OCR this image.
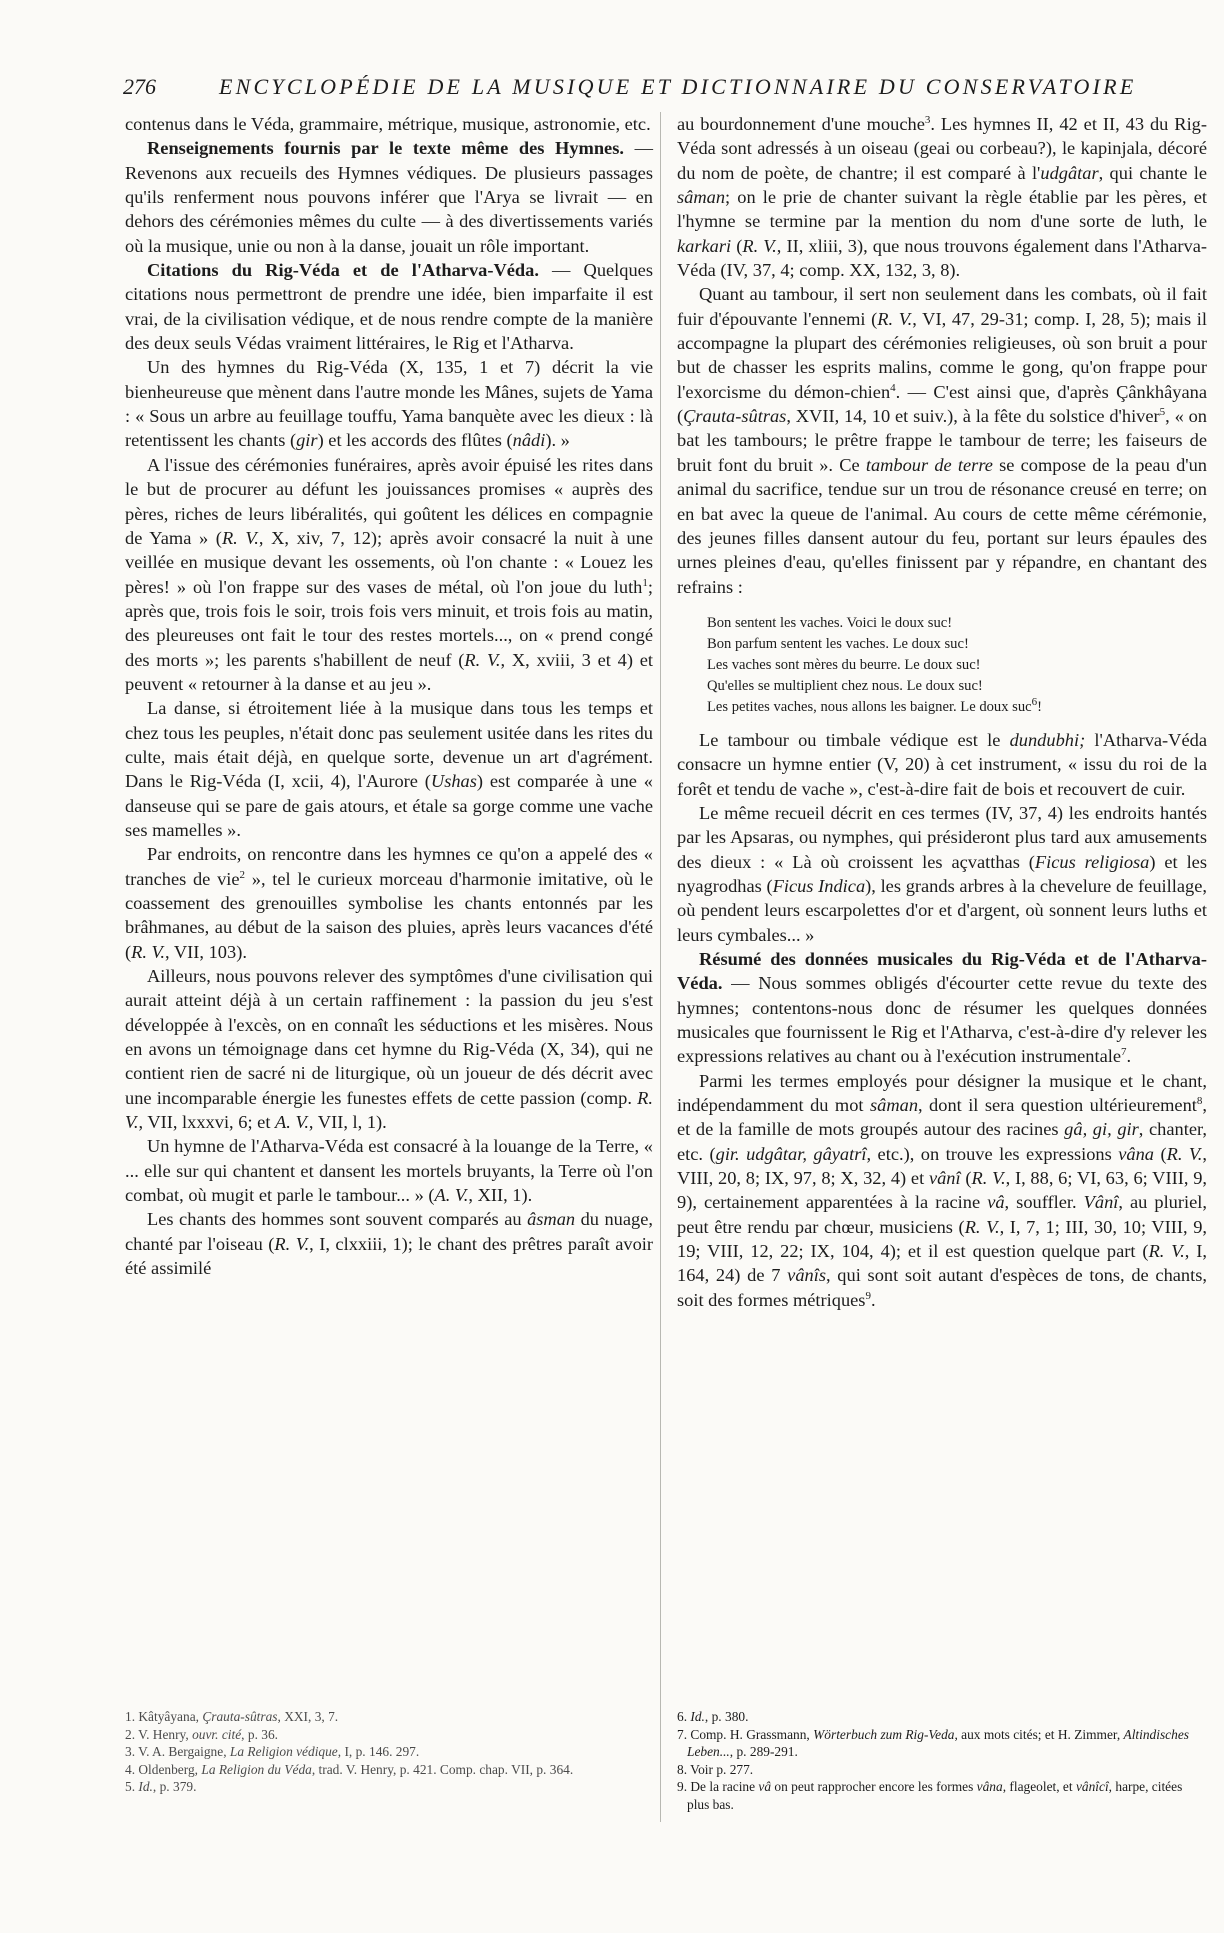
276	ENCYCLOPÉDIE DE LA MUSIQUE ET DICTIONNAIRE DU CONSERVATOIRE

contenus dans le Véda, grammaire, métrique, musique, astronomie, etc.

Renseignements fournis par le texte même des Hymnes. — Revenons aux recueils des Hymnes védiques. De plusieurs passages qu'ils renferment nous pouvons inférer que l'Arya se livrait — en dehors des cérémonies mêmes du culte — à des divertissements variés où la musique, unie ou non à la danse, jouait un rôle important.

Citations du Rig-Véda et de l'Atharva-Véda. — Quelques citations nous permettront de prendre une idée, bien imparfaite il est vrai, de la civilisation védique, et de nous rendre compte de la manière des deux seuls Védas vraiment littéraires, le Rig et l'Atharva.

Un des hymnes du Rig-Véda (X, 135, 1 et 7) décrit la vie bienheureuse que mènent dans l'autre monde les Mânes, sujets de Yama : « Sous un arbre au feuillage touffu, Yama banquète avec les dieux : là retentissent les chants (gir) et les accords des flûtes (nâdi). »

A l'issue des cérémonies funéraires, après avoir épuisé les rites dans le but de procurer au défunt les jouissances promises « auprès des pères, riches de leurs libéralités, qui goûtent les délices en compagnie de Yama » (R. V., X, xiv, 7, 12); après avoir consacré la nuit à une veillée en musique devant les ossements, où l'on chante : « Louez les pères! » où l'on frappe sur des vases de métal, où l'on joue du luth$^1$; après que, trois fois le soir, trois fois vers minuit, et trois fois au matin, des pleureuses ont fait le tour des restes mortels..., on « prend congé des morts »; les parents s'habillent de neuf (R. V., X, xviii, 3 et 4) et peuvent « retourner à la danse et au jeu ».

La danse, si étroitement liée à la musique dans tous les temps et chez tous les peuples, n'était donc pas seulement usitée dans les rites du culte, mais était déjà, en quelque sorte, devenue un art d'agrément. Dans le Rig-Véda (I, xcii, 4), l'Aurore (Ushas) est comparée à une « danseuse qui se pare de gais atours, et étale sa gorge comme une vache ses mamelles ».

Par endroits, on rencontre dans les hymnes ce qu'on a appelé des « tranches de vie$^2$ », tel le curieux morceau d'harmonie imitative, où le coassement des grenouilles symbolise les chants entonnés par les brâhmanes, au début de la saison des pluies, après leurs vacances d'été (R. V., VII, 103).

Ailleurs, nous pouvons relever des symptômes d'une civilisation qui aurait atteint déjà à un certain raffinement : la passion du jeu s'est développée à l'excès, on en connaît les séductions et les misères. Nous en avons un témoignage dans cet hymne du Rig-Véda (X, 34), qui ne contient rien de sacré ni de liturgique, où un joueur de dés décrit avec une incomparable énergie les funestes effets de cette passion (comp. R. V., VII, lxxxvi, 6; et A. V., VII, l, 1).

Un hymne de l'Atharva-Véda est consacré à la louange de la Terre, « ... elle sur qui chantent et dansent les mortels bruyants, la Terre où l'on combat, où mugit et parle le tambour... » (A. V., XII, 1).

Les chants des hommes sont souvent comparés au âsman du nuage, chanté par l'oiseau (R. V., I, clxxiii, 1); le chant des prêtres paraît avoir été assimilé

au bourdonnement d'une mouche$^3$. Les hymnes II, 42 et II, 43 du Rig-Véda sont adressés à un oiseau (geai ou corbeau?), le kapinjala, décoré du nom de poète, de chantre; il est comparé à l'udgâtar, qui chante le sâman; on le prie de chanter suivant la règle établie par les pères, et l'hymne se termine par la mention du nom d'une sorte de luth, le karkari (R. V., II, xliii, 3), que nous trouvons également dans l'Atharva-Véda (IV, 37, 4; comp. XX, 132, 3, 8).

Quant au tambour, il sert non seulement dans les combats, où il fait fuir d'épouvante l'ennemi (R. V., VI, 47, 29-31; comp. I, 28, 5); mais il accompagne la plupart des cérémonies religieuses, où son bruit a pour but de chasser les esprits malins, comme le gong, qu'on frappe pour l'exorcisme du démon-chien$^4$. — C'est ainsi que, d'après Çânkhâyana (Çrauta-sûtras, XVII, 14, 10 et suiv.), à la fête du solstice d'hiver$^5$, « on bat les tambours; le prêtre frappe le tambour de terre; les faiseurs de bruit font du bruit ». Ce tambour de terre se compose de la peau d'un animal du sacrifice, tendue sur un trou de résonance creusé en terre; on en bat avec la queue de l'animal. Au cours de cette même cérémonie, des jeunes filles dansent autour du feu, portant sur leurs épaules des urnes pleines d'eau, qu'elles finissent par y répandre, en chantant des refrains :

Bon sentent les vaches. Voici le doux suc!
Bon parfum sentent les vaches. Le doux suc!
Les vaches sont mères du beurre. Le doux suc!
Qu'elles se multiplient chez nous. Le doux suc!
Les petites vaches, nous allons les baigner. Le doux suc$^6$!

Le tambour ou timbale védique est le dundubhi; l'Atharva-Véda consacre un hymne entier (V, 20) à cet instrument, « issu du roi de la forêt et tendu de vache », c'est-à-dire fait de bois et recouvert de cuir.

Le même recueil décrit en ces termes (IV, 37, 4) les endroits hantés par les Apsaras, ou nymphes, qui présideront plus tard aux amusements des dieux : « Là où croissent les açvatthas (Ficus religiosa) et les nyagrodhas (Ficus Indica), les grands arbres à la chevelure de feuillage, où pendent leurs escarpolettes d'or et d'argent, où sonnent leurs luths et leurs cymbales... »

Résumé des données musicales du Rig-Véda et de l'Atharva-Véda. — Nous sommes obligés d'écourter cette revue du texte des hymnes; contentons-nous donc de résumer les quelques données musicales que fournissent le Rig et l'Atharva, c'est-à-dire d'y relever les expressions relatives au chant ou à l'exécution instrumentale$^7$.

Parmi les termes employés pour désigner la musique et le chant, indépendamment du mot sâman, dont il sera question ultérieurement$^8$, et de la famille de mots groupés autour des racines gâ, gi, gir, chanter, etc. (gir. udgâtar, gâyatrî, etc.), on trouve les expressions vâna (R. V., VIII, 20, 8; IX, 97, 8; X, 32, 4) et vânî (R. V., I, 88, 6; VI, 63, 6; VIII, 9, 9), certainement apparentées à la racine vâ, souffler. Vânî, au pluriel, peut être rendu par chœur, musiciens (R. V., I, 7, 1; III, 30, 10; VIII, 9, 19; VIII, 12, 22; IX, 104, 4); et il est question quelque part (R. V., I, 164, 24) de 7 vânîs, qui sont soit autant d'espèces de tons, de chants, soit des formes métriques$^9$.

1. Kâtyâyana, Çrauta-sûtras, XXI, 3, 7.
2. V. Henry, ouvr. cité, p. 36.
3. V. A. Bergaigne, La Religion védique, I, p. 146. 297.
4. Oldenberg, La Religion du Véda, trad. V. Henry, p. 421. Comp. chap. VII, p. 364.
5. Id., p. 379.
6. Id., p. 380.
7. Comp. H. Grassmann, Wörterbuch zum Rig-Veda, aux mots cités; et H. Zimmer, Altindisches Leben..., p. 289-291.
8. Voir p. 277.
9. De la racine vâ on peut rapprocher encore les formes vâna, flageolet, et vânîcî, harpe, citées plus bas.
